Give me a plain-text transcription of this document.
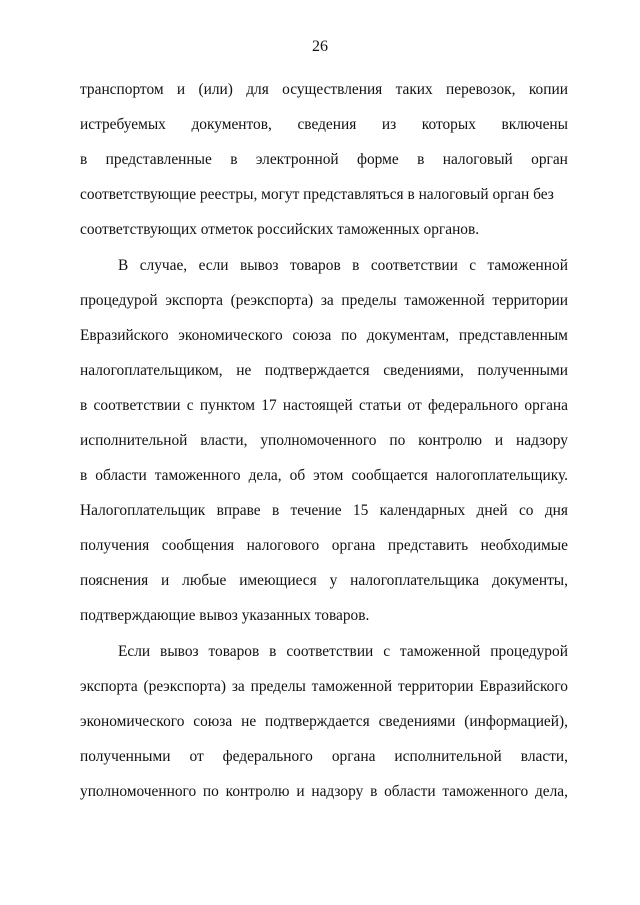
26
транспортом и (или) для осуществления таких перевозок, копии
истребуемых документов, сведения из которых включены
в представленные в электронной форме в налоговый орган
соответствующие реестры, могут представляться в налоговый орган без
соответствующих отметок российских таможенных органов.
В случае, если вывоз товаров в соответствии с таможенной
процедурой экспорта (реэкспорта) за пределы таможенной территории
Евразийского экономического союза по документам, представленным
налогоплательщиком, не подтверждается сведениями, полученными
в соответствии с пунктом 17 настоящей статьи от федерального органа
исполнительной власти, уполномоченного по контролю и надзору
в области таможенного дела, об этом сообщается налогоплательщику.
Налогоплательщик вправе в течение 15 календарных дней со дня
получения сообщения налогового органа представить необходимые
пояснения и любые имеющиеся у налогоплательщика документы,
подтверждающие вывоз указанных товаров.
Если вывоз товаров в соответствии с таможенной процедурой
экспорта (реэкспорта) за пределы таможенной территории Евразийского
экономического союза не подтверждается сведениями (информацией),
полученными от федерального органа исполнительной власти,
уполномоченного по контролю и надзору в области таможенного дела,
